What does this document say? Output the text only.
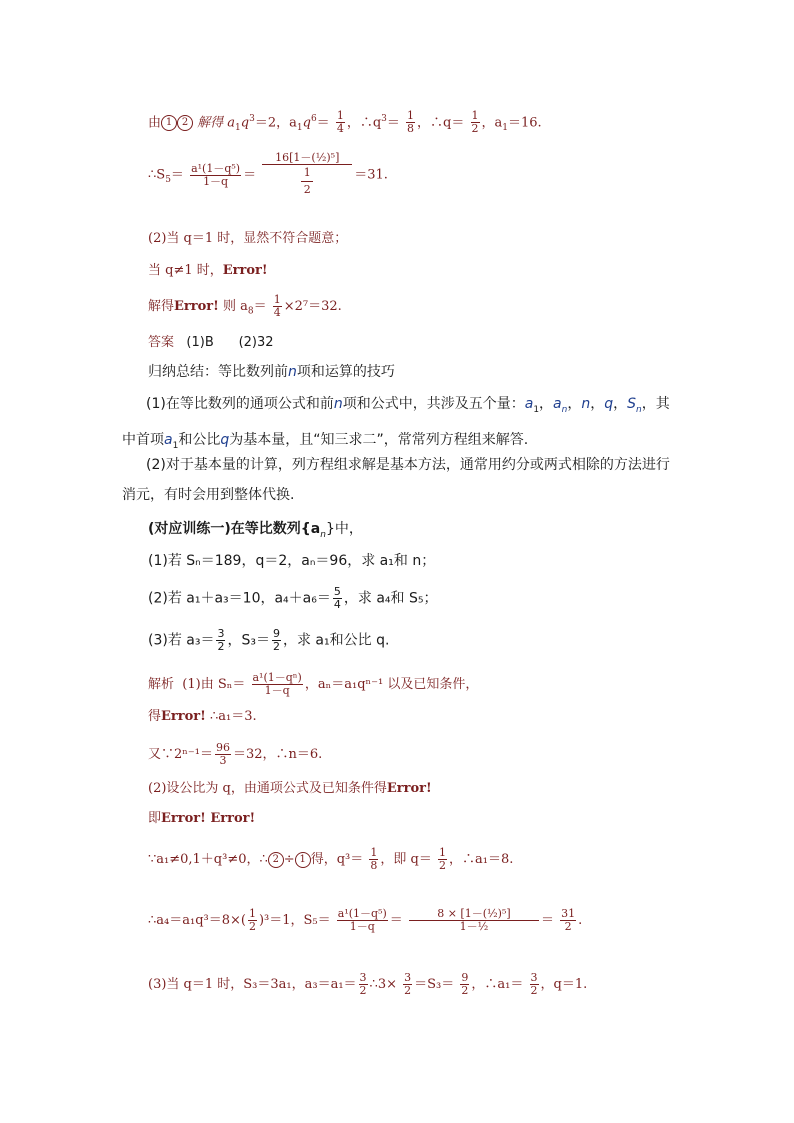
由 1 2 解得 $a_1q^3=2$，$a_1q^6= \frac{1}{4}$ ，$\therefore q^3= \frac{1}{8}$ ，∴q＝ $\frac{1}{2}$ ，$a_1=16$.
$\therefore S_5= \frac{\text{a¹(1－q⁵)}}{1-q}$ ＝ 16[1－(½)⁵]
1
2 ＝31.
(2)当 q＝1 时，显然不符合题意；
当 q≠1 时，Error!
解得Error! 则 $a_8= \frac{1}{4} \times 2^7=32$.
答案 (1)B (2)32
归纳总结：等比数列前n项和运算的技巧
(1)在等比数列的通项公式和前n项和公式中，共涉及五个量：$a_1$，$a_n$，n，q，$S_n$，其
中首项$a_1$和公比q为基本量，且“知三求二”，常常列方程组来解答.
(2)对于基本量的计算，列方程组求解是基本方法，通常用约分或两式相除的方法进行
消元，有时会用到整体代换.
(对应训练一)在等比数列$\{a_n\}$中，
(1)若 Sₙ＝189，q＝2，aₙ＝96，求 a₁和 n；
(2)若 a₁＋a₃＝10，$a_4+a_6= \frac{5}{4}$ ，求 a₄和 S₅；
(3)若 $a_3= \frac{3}{2}$ ，$S_3= \frac{9}{2}$ ，求 a₁和公比 q.
解析 (1)由 $S_n= \frac{\text{a¹(1－qⁿ)}}{1-q}$ ，aₙ＝a₁qⁿ⁻¹ 以及已知条件，
得Error! ∴a₁＝3.
又∵2ⁿ⁻¹＝ $\frac{96}{3} =32$，∴n＝6.
(2)设公比为 q，由通项公式及已知条件得Error!
即Error! Error!
∵a₁≠0,1＋q³≠0，∴ 2 ÷ 1 得，$q^3= \frac{1}{8}$ ，即 $q= \frac{1}{2}$ ，∴a₁＝8.
∴a₄＝a₁q³＝8×( $\frac{1}{2} )^3=1$，$S_5= \frac{\text{a¹(1－q⁵)}}{1-q} = \frac{\text{8 × [1－(½)⁵]}}{\text{1－½}} = \frac{31}{2}$ .
(3)当 q＝1 时，S₃＝3a₁，$a_3=a_1= \frac{3}{2}$ ∴3× $\frac{3}{2} =S_3= \frac{9}{2}$ ，∴a₁＝ $\frac{3}{2}$ ，q＝1.
